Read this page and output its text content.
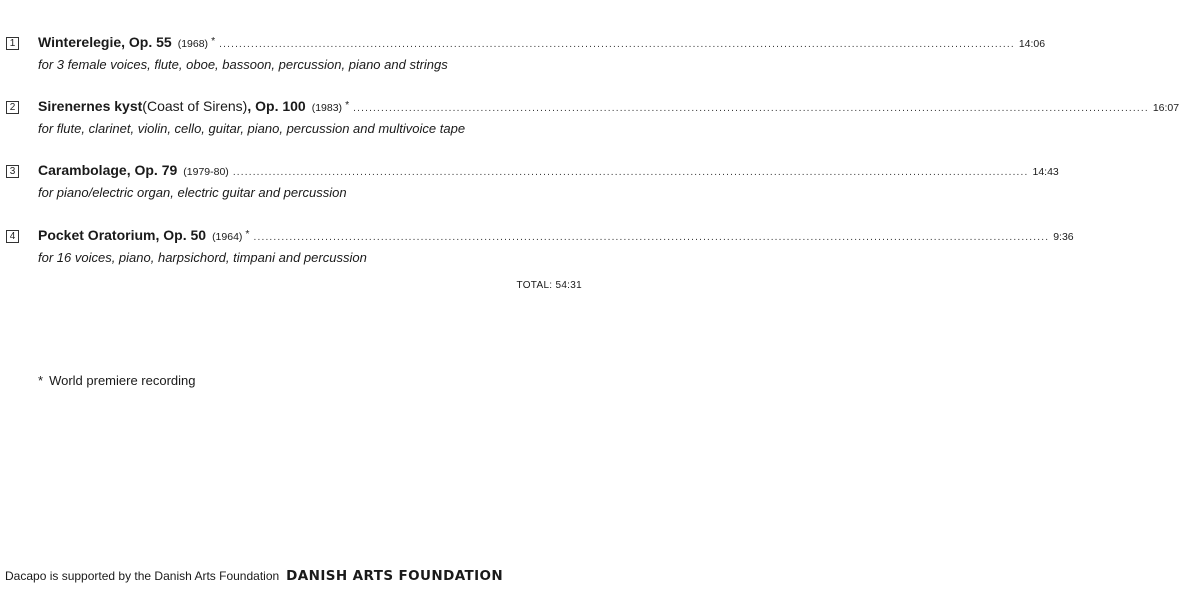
1 Winterelegie, Op. 55 (1968) * ........................................................................................................................................................................................................ 14:06
for 3 female voices, flute, oboe, bassoon, percussion, piano and strings
2 Sirenernes kyst (Coast of Sirens) , Op. 100 (1983) * ........................................................................................................................................................................................................ 16:07
for flute, clarinet, violin, cello, guitar, piano, percussion and multivoice tape
3 Carambolage, Op. 79 (1979-80) ........................................................................................................................................................................................................ 14:43
for piano/electric organ, electric guitar and percussion
4 Pocket Oratorium, Op. 50 (1964) * ........................................................................................................................................................................................................ 9:36
for 16 voices, piano, harpsichord, timpani and percussion
TOTAL: 54:31
* World premiere recording
Dacapo is supported by the Danish Arts Foundation DANISH ARTS FOUNDATION
